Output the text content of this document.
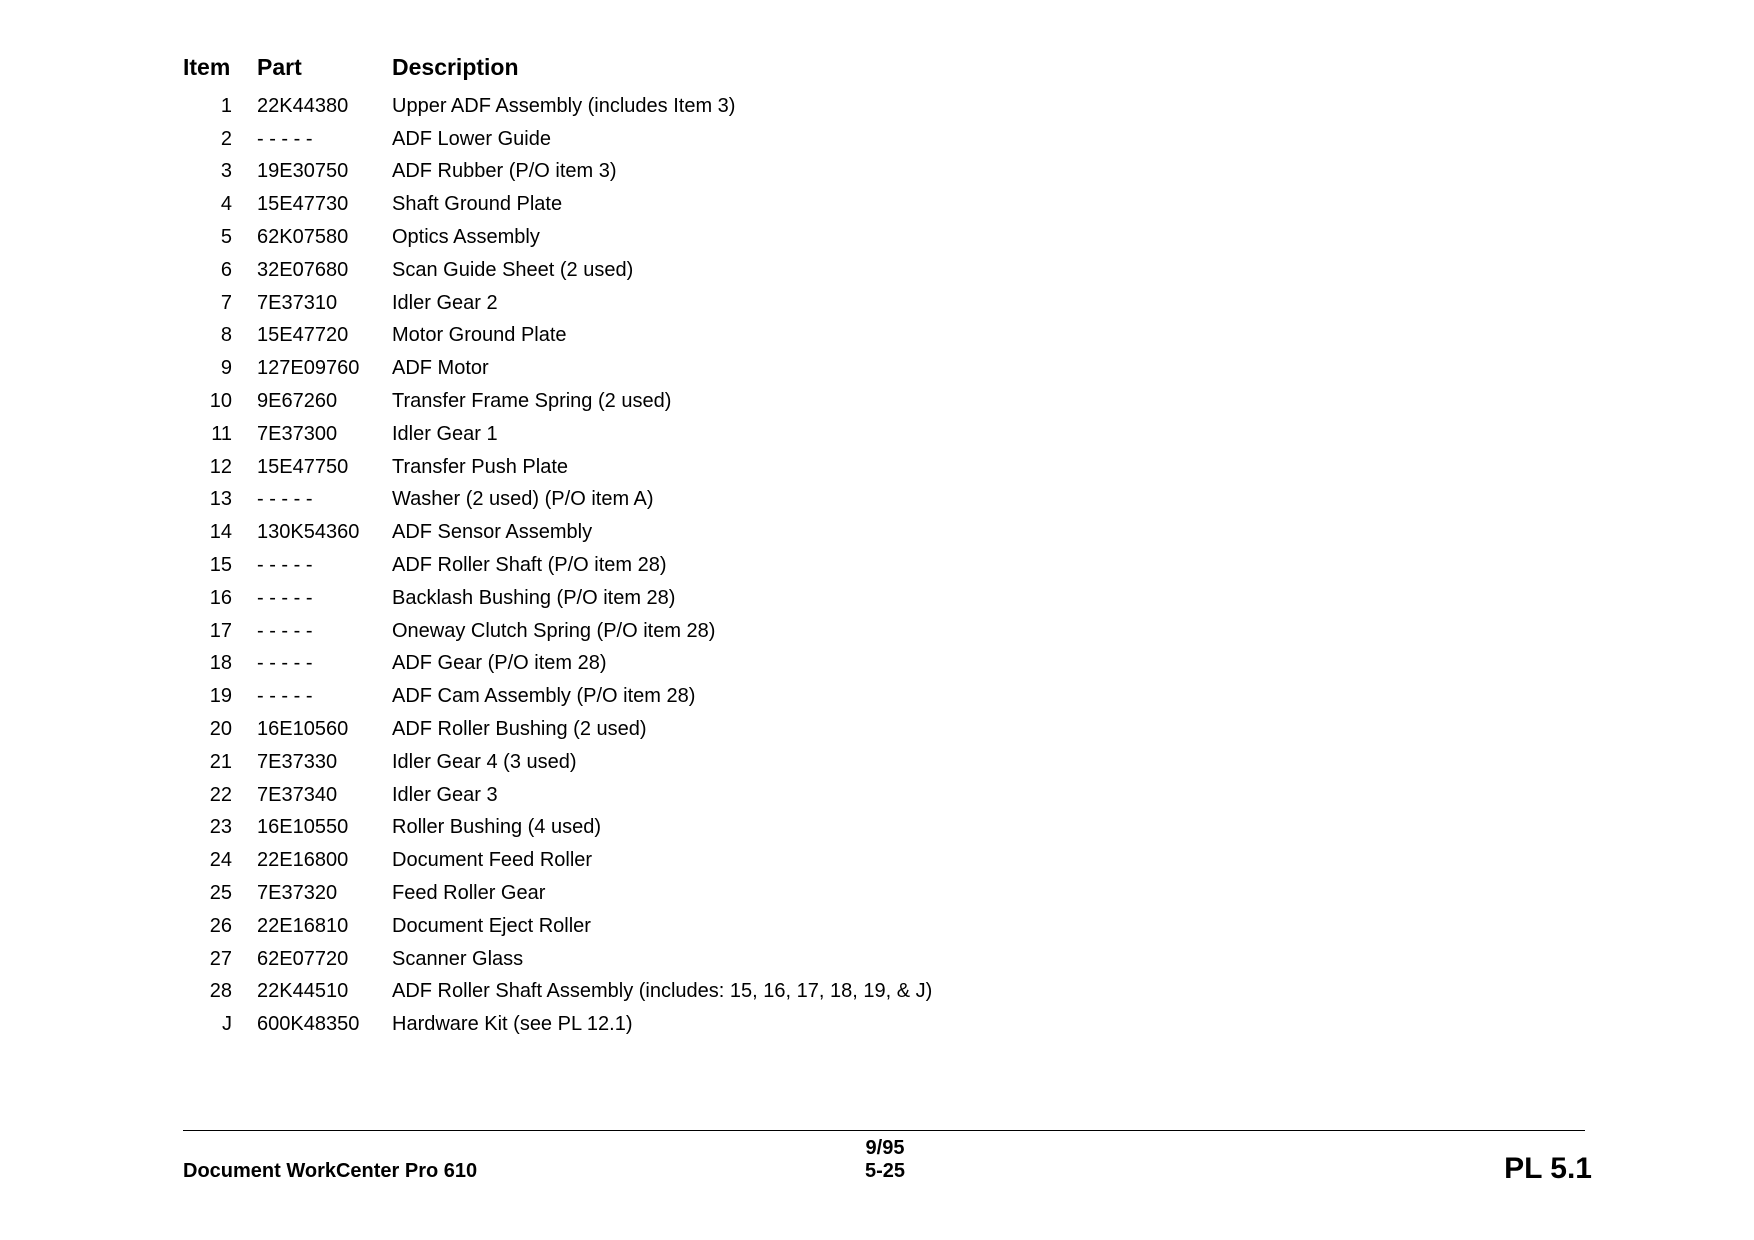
Item	Part	Description
1	22K44380	Upper ADF Assembly (includes Item 3)
2	- - - - -	ADF Lower Guide
3	19E30750	ADF Rubber (P/O item 3)
4	15E47730	Shaft Ground Plate
5	62K07580	Optics Assembly
6	32E07680	Scan Guide Sheet (2 used)
7	7E37310	Idler Gear 2
8	15E47720	Motor Ground Plate
9	127E09760	ADF Motor
10	9E67260	Transfer Frame Spring (2 used)
11	7E37300	Idler Gear 1
12	15E47750	Transfer Push Plate
13	- - - - -	Washer (2 used) (P/O item A)
14	130K54360	ADF Sensor Assembly
15	- - - - -	ADF Roller Shaft (P/O item 28)
16	- - - - -	Backlash Bushing (P/O item 28)
17	- - - - -	Oneway Clutch Spring (P/O item 28)
18	- - - - -	ADF Gear (P/O item 28)
19	- - - - -	ADF Cam Assembly (P/O item 28)
20	16E10560	ADF Roller Bushing (2 used)
21	7E37330	Idler Gear 4 (3 used)
22	7E37340	Idler Gear 3
23	16E10550	Roller Bushing (4 used)
24	22E16800	Document Feed Roller
25	7E37320	Feed Roller Gear
26	22E16810	Document Eject Roller
27	62E07720	Scanner Glass
28	22K44510	ADF Roller Shaft Assembly (includes: 15, 16, 17, 18, 19, & J)
J	600K48350	Hardware Kit (see PL 12.1)
Document WorkCenter Pro 610
9/95
5-25	PL 5.1
